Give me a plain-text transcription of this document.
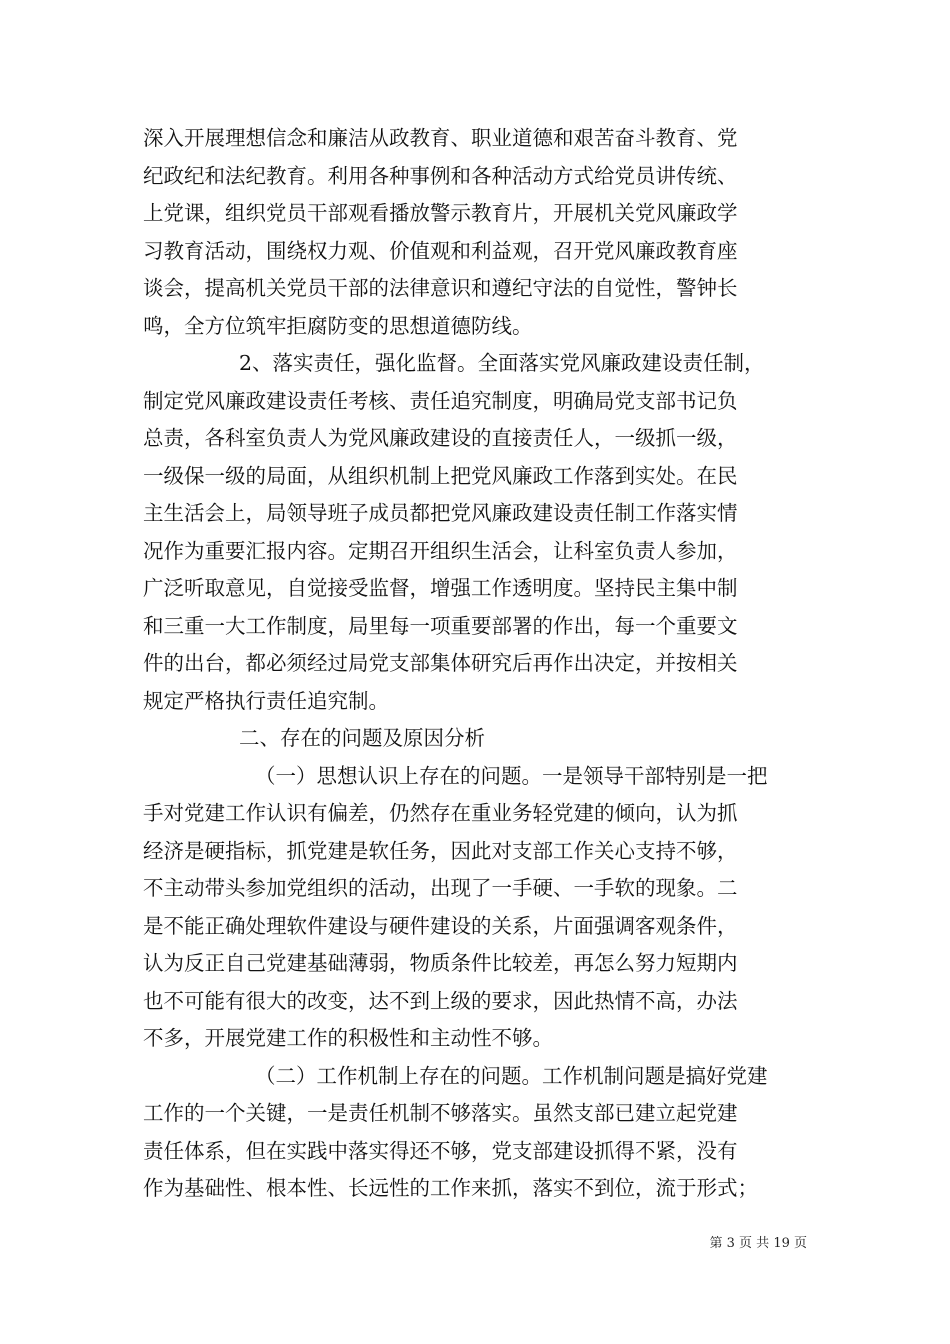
深入开展理想信念和廉洁从政教育、职业道德和艰苦奋斗教育、党
纪政纪和法纪教育。利用各种事例和各种活动方式给党员讲传统、
上党课，组织党员干部观看播放警示教育片，开展机关党风廉政学
习教育活动，围绕权力观、价值观和利益观，召开党风廉政教育座
谈会，提高机关党员干部的法律意识和遵纪守法的自觉性，警钟长
鸣，全方位筑牢拒腐防变的思想道德防线。
2、落实责任，强化监督。全面落实党风廉政建设责任制，
制定党风廉政建设责任考核、责任追究制度，明确局党支部书记负
总责，各科室负责人为党风廉政建设的直接责任人，一级抓一级，
一级保一级的局面，从组织机制上把党风廉政工作落到实处。在民
主生活会上，局领导班子成员都把党风廉政建设责任制工作落实情
况作为重要汇报内容。定期召开组织生活会，让科室负责人参加，
广泛听取意见，自觉接受监督，增强工作透明度。坚持民主集中制
和三重一大工作制度，局里每一项重要部署的作出，每一个重要文
件的出台，都必须经过局党支部集体研究后再作出决定，并按相关
规定严格执行责任追究制。
二、存在的问题及原因分析
（一）思想认识上存在的问题。一是领导干部特别是一把
手对党建工作认识有偏差，仍然存在重业务轻党建的倾向，认为抓
经济是硬指标，抓党建是软任务，因此对支部工作关心支持不够，
不主动带头参加党组织的活动，出现了一手硬、一手软的现象。二
是不能正确处理软件建设与硬件建设的关系，片面强调客观条件，
认为反正自己党建基础薄弱，物质条件比较差，再怎么努力短期内
也不可能有很大的改变，达不到上级的要求，因此热情不高，办法
不多，开展党建工作的积极性和主动性不够。
（二）工作机制上存在的问题。工作机制问题是搞好党建
工作的一个关键，一是责任机制不够落实。虽然支部已建立起党建
责任体系，但在实践中落实得还不够，党支部建设抓得不紧，没有
作为基础性、根本性、长远性的工作来抓，落实不到位，流于形式；
第 3 页 共 19 页
